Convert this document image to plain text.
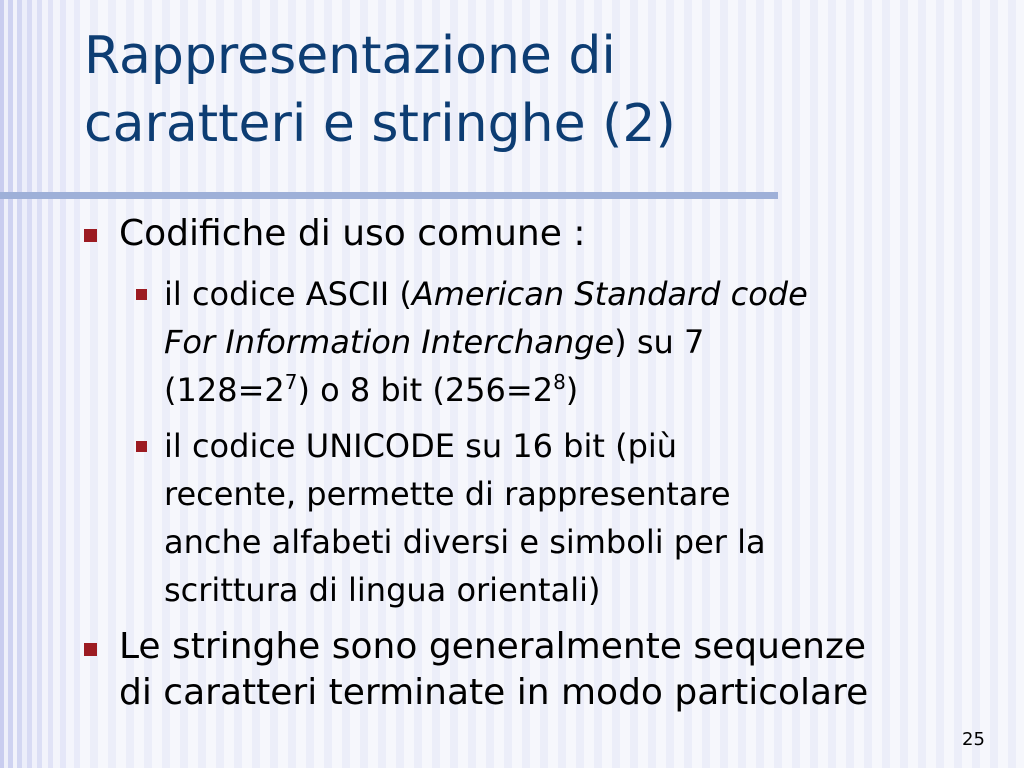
Rappresentazione di
caratteri e stringhe (2)

Codifiche di uso comune :

il codice ASCII (American Standard code
For Information Interchange) su 7
$(128=2^7)$ o 8 bit $(256=2^8)$

il codice UNICODE su 16 bit (più
recente, permette di rappresentare
anche alfabeti diversi e simboli per la
scrittura di lingua orientali)

Le stringhe sono generalmente sequenze
di caratteri terminate in modo particolare

25
